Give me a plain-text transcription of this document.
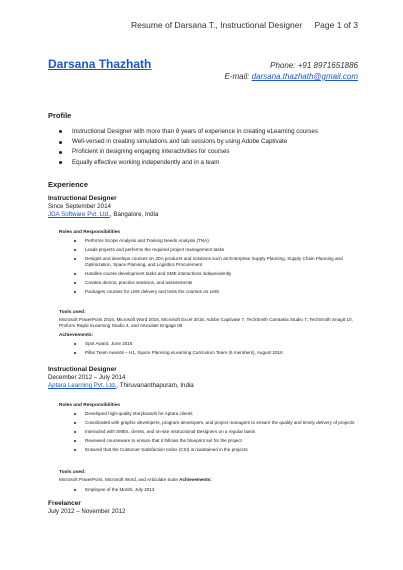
Resume of Darsana T., Instructional Designer Page 1 of 3
Darsana Thazhath	Phone: +91 8971651886
E-mail: darsana.thazhath@gmail.com
Profile
Instructional Designer with more than 8 years of experience in creating eLearning courses
Well-versed in creating simulations and lab sessions by using Adobe Captivate
Proficient in designing engaging interactivities for courses
Equally effective working independently and in a team
Experience
Instructional Designer
Since September 2014
JDA Software Pvt. Ltd., Bangalore, India
Roles and Responsibilities
Performs Scope Analysis and Training Needs Analysis (TNA)
Leads projects and performs the required project management tasks
Designs and develops courses on JDA products and solutions such as Enterprise Supply Planning, Supply Chain Planning and Optimization, Space Planning, and Logistics Procurement
Handles course development tasks and SME interactions independently
Creates demos, practice sessions, and assessments
Packages courses for LMS delivery and tests the courses on LMS
Tools used:
Microsoft PowerPoint 2016, Microsoft Word 2016, Microsoft Excel 2016, Adobe Captivate 7, TechSmith Camtasia Studio 7, TechSmith SnagIt 10, Proform Rapid eLearning Studio 4, and Articulate Engage 09
Achievements:
Spot Award, June 2016
Pillar Team Awards – H1, Space Planning eLearning Curriculum Team (6 members), August 2016
Instructional Designer
December 2012 – July 2014
Aptara Learning Pvt. Ltd., Thiruvananthapuram, India
Roles and Responsibilities
Developed high-quality storyboards for Aptara clients
Coordinated with graphic developers, program developers, and project managers to ensure the quality and timely delivery of projects
Interacted with SMEs, clients, and on-site Instructional Designers on a regular basis
Reviewed courseware to ensure that it follows the blueprint set for the project
Ensured that the Customer Satisfaction Index (CSI) is maintained in the projects
Tools used:
Microsoft PowerPoint, Microsoft Word, and Articulate Suite Achievements:
Employee of the Month, July 2013
Freelancer
July 2012 – November 2012
